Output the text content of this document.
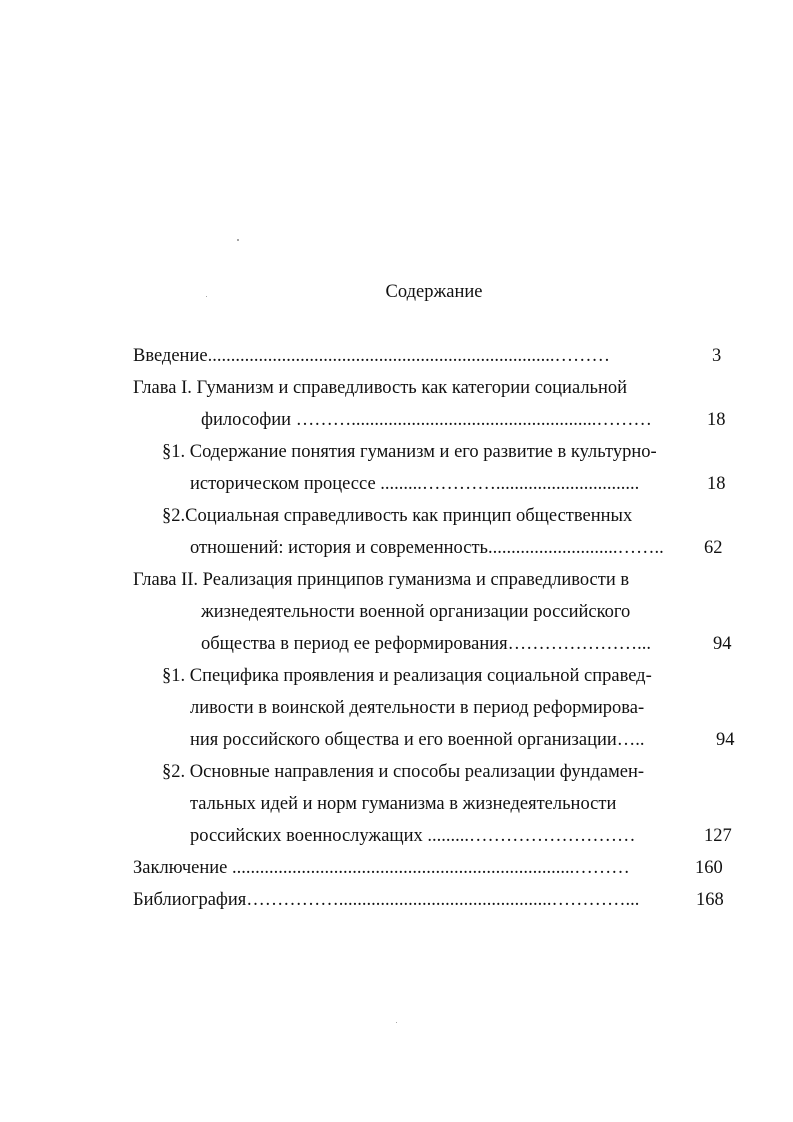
Содержание
Введение...........................................................................………	3
Глава I. Гуманизм и справедливость как категории социальной
философии ……….....................................................………	18
§1. Содержание понятия гуманизм и его развитие в культурно-
историческом процессе .........…………...............................	18
§2.Социальная справедливость как принцип общественных
отношений: история и современность............................…….. 62
Глава II. Реализация принципов гуманизма и справедливости в
жизнедеятельности военной организации российского
общества в период ее реформирования…………………...	94
§1. Специфика проявления и реализация социальной справед-
ливости в воинской деятельности в период реформирова-
ния российского общества и его военной организации…..	94
§2. Основные направления и способы реализации фундамен-
тальных идей и норм гуманизма в жизнедеятельности
российских военнослужащих .........………………………	127
Заключение ..........................................................................………	160
Библиография……………..............................................…………...	168
